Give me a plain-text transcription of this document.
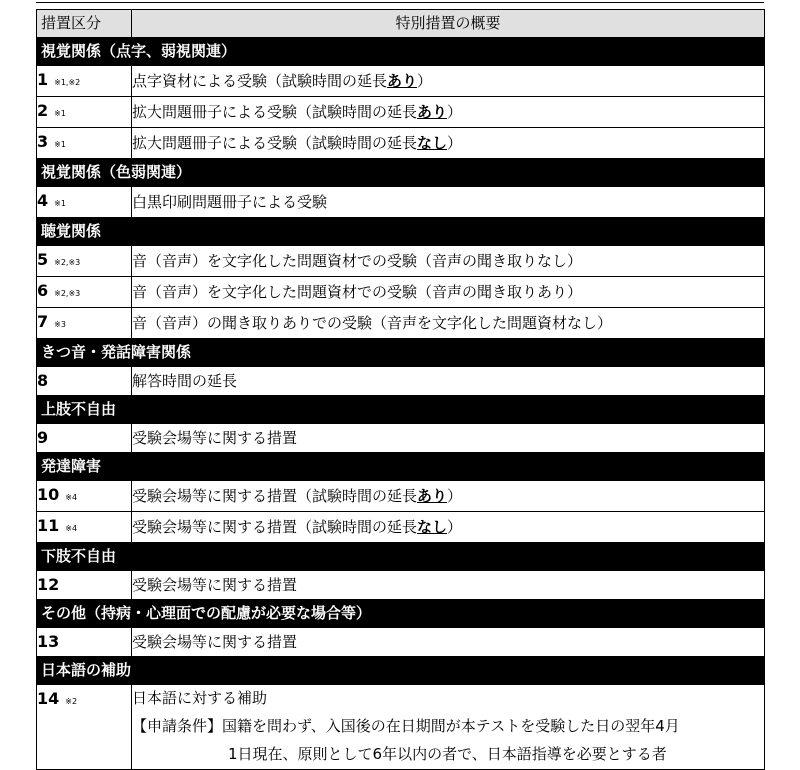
措置区分	特別措置の概要
視覚関係（点字、弱視関連）	
1 ※1,※2	点字資材による受験（試験時間の延長あり）
2 ※1	拡大問題冊子による受験（試験時間の延長あり）
3 ※1	拡大問題冊子による受験（試験時間の延長なし）
視覚関係（色弱関連）	
4 ※1	白黒印刷問題冊子による受験
聴覚関係	
5 ※2,※3	音（音声）を文字化した問題資材での受験（音声の聞き取りなし）
6 ※2,※3	音（音声）を文字化した問題資材での受験（音声の聞き取りあり）
7 ※3	音（音声）の聞き取りありでの受験（音声を文字化した問題資材なし）
きつ音・発話障害関係	
8	解答時間の延長
上肢不自由	
9	受験会場等に関する措置
発達障害	
10 ※4	受験会場等に関する措置（試験時間の延長あり）
11 ※4	受験会場等に関する措置（試験時間の延長なし）
下肢不自由	
12	受験会場等に関する措置
その他（持病・心理面での配慮が必要な場合等）	
13	受験会場等に関する措置
日本語の補助	
14 ※2	日本語に対する補助
【申請条件】国籍を問わず、入国後の在日期間が本テストを受験した日の翌年4月
1日現在、原則として6年以内の者で、日本語指導を必要とする者
